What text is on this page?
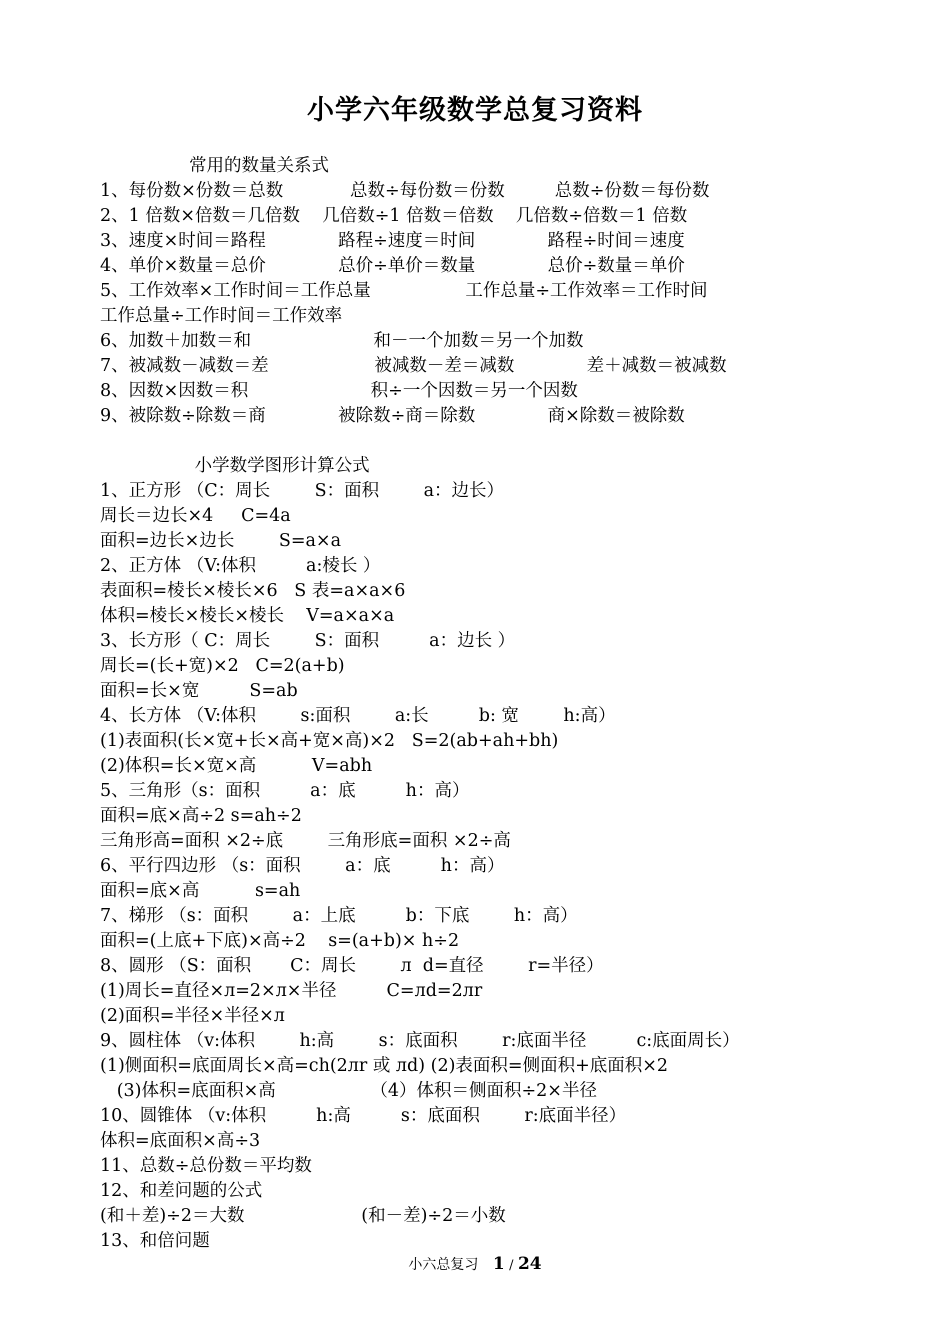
小学六年级数学总复习资料
常用的数量关系式
1、每份数×份数＝总数            总数÷每份数＝份数         总数÷份数＝每份数
2、1 倍数×倍数＝几倍数    几倍数÷1 倍数＝倍数    几倍数÷倍数＝1 倍数
3、速度×时间＝路程             路程÷速度＝时间             路程÷时间＝速度
4、单价×数量＝总价             总价÷单价＝数量             总价÷数量＝单价
5、工作效率×工作时间＝工作总量                 工作总量÷工作效率＝工作时间
工作总量÷工作时间＝工作效率
6、加数＋加数＝和                      和－一个加数＝另一个加数
7、被减数－减数＝差                   被减数－差＝减数             差＋减数＝被减数
8、因数×因数＝积                      积÷一个因数＝另一个因数
9、被除数÷除数＝商             被除数÷商＝除数             商×除数＝被除数
小学数学图形计算公式
1、正方形 （C：周长        S：面积        a：边长）
周长＝边长×4     C=4a
面积=边长×边长        S=a×a
2、正方体 （V:体积         a:棱长 ）
表面积=棱长×棱长×6   S 表=a×a×6
体积=棱长×棱长×棱长    V=a×a×a
3、长方形（ C：周长        S：面积         a：边长 ）
周长=(长+宽)×2   C=2(a+b)
面积=长×宽         S=ab
4、长方体 （V:体积        s:面积        a:长         b: 宽        h:高）
(1)表面积(长×宽+长×高+宽×高)×2   S=2(ab+ah+bh)
(2)体积=长×宽×高          V=abh
5、三角形（s：面积         a：底         h：高）
面积=底×高÷2 s=ah÷2
三角形高=面积 ×2÷底        三角形底=面积 ×2÷高
6、平行四边形 （s：面积        a：底         h：高）
面积=底×高          s=ah
7、梯形 （s：面积        a：上底         b：下底        h：高）
面积=(上底+下底)×高÷2    s=(a+b)× h÷2
8、圆形 （S：面积       C：周长        л  d=直径        r=半径）
(1)周长=直径×л=2×л×半径         C=лd=2лr
(2)面积=半径×半径×л
9、圆柱体 （v:体积        h:高        s：底面积        r:底面半径         c:底面周长）
(1)侧面积=底面周长×高=ch(2лr 或 лd) (2)表面积=侧面积+底面积×2
(3)体积=底面积×高                 （4）体积＝侧面积÷2×半径
10、圆锥体 （v:体积         h:高         s：底面积        r:底面半径）
体积=底面积×高÷3
11、总数÷总份数＝平均数
12、和差问题的公式
(和＋差)÷2＝大数                     (和－差)÷2＝小数
13、和倍问题
小六总复习 1 / 24
